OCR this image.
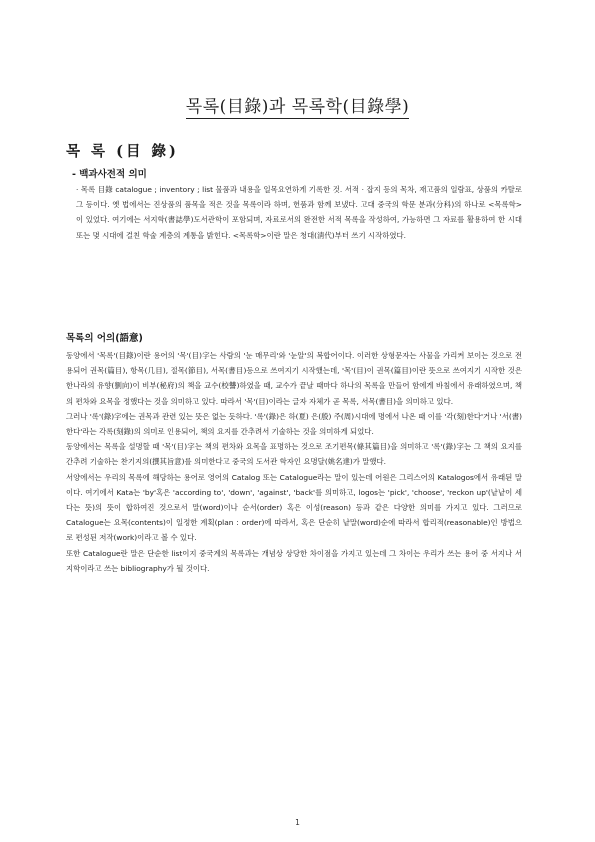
목록(目錄)과 목록학(目錄學)
목 록 (目 錄)
- 백과사전적 의미

· 목록 目錄 catalogue ; inventory ; list 물품과 내용을 일목요연하게 기록한 것. 서적 · 잡지 등의 목차, 재고품의 일람표, 상품의 카탈로그 등이다. 옛 법에서는 진상품의 품목을 적은 것을 목록이라 하며, 헌품과 함께 보냈다. 고대 중국의 학문 분과(分科)의 하나로 <목록학>이 있었다. 여기에는 서지학(書誌學)도서관학이 포함되며, 자료로서의 완전한 서적 목록을 작성하여, 가능하면 그 자료를 활용하여 한 시대 또는 몇 시대에 걸친 학술 계층의 계통을 밝힌다. <목록학>이란 말은 청대(淸代)부터 쓰기 시작하였다.

목록의 어의(語意)

동양에서 '목록'(目錄)이란 용어의 '목'(目)字는 사람의 '눈 매무리'와 '눈알'의 복합어이다. 이러한 상형문자는 사물을 가리켜 보이는 것으로 전용되어 권목(篇目), 항목(几目), 절목(節目), 서목(書目)등으로 쓰여지기 시작했는데, '목'(目)이 권목(篇目)이란 뜻으로 쓰여지기 시작한 것은 한나라의 유향(劉向)이 비부(秘府)의 책을 교수(校讐)하였을 때, 교수가 끝날 때마다 하나의 목록을 만들어 함에게 바침에서 유래하였으며, 책의 편차와 요목을 정했다는 것을 의미하고 있다. 따라서 '목'(目)이라는 글자 자체가 곧 목록, 서목(書目)을 의미하고 있다.

그러나 '록'(錄)字에는 권목과 관련 있는 뜻은 없는 듯하다. '록'(錄)은 하(夏) 은(殷) 주(周)시대에 명에서 나온 때 이를 '각(刻)한다'거나 '서(書)한다'라는 각록(刻錄)의 의미로 인용되어, 책의 요지를 간추려서 기술하는 것을 의미하게 되었다.

동양에서는 목록을 설명할 때 '목'(目)字는 책의 편차와 요목을 표명하는 것으로 조기편목(條其篇目)을 의미하고 '록'(錄)字는 그 책의 요지를 간추려 기술하는 찬기지의(撰其旨意)를 의미한다고 중국의 도서관 학자인 요명달(姚名達)가 말했다.

서양에서는 우리의 목록에 해당하는 용어로 영어의 Catalog 또는 Catalogue라는 말이 있는데 어원은 그리스어의 Katalogos에서 유래된 말이다. 여기에서 Kata는 'by'혹은 'according to', 'down', 'against', 'back'를 의미하고, logos는 'pick', 'choose', 'reckon up'(낱낱이 세다는 뜻)의 뜻이 합하여진 것으로서 말(word)이나 순서(order) 혹은 이성(reason) 등과 같은 다양한 의미를 가지고 있다. 그러므로 Catalogue는 요목(contents)이 일정한 계획(plan : order)에 따라서, 혹은 단순히 낱말(word)순에 따라서 합리적(reasonable)인 방법으로 편성된 저작(work)이라고 볼 수 있다.

또한 Catalogue란 말은 단순한 list이지 중국계의 목록과는 개념상 상당한 차이점을 가지고 있는데 그 차이는 우리가 쓰는 용어 중 서지나 서지학이라고 쓰는 bibliography가 될 것이다.

1
